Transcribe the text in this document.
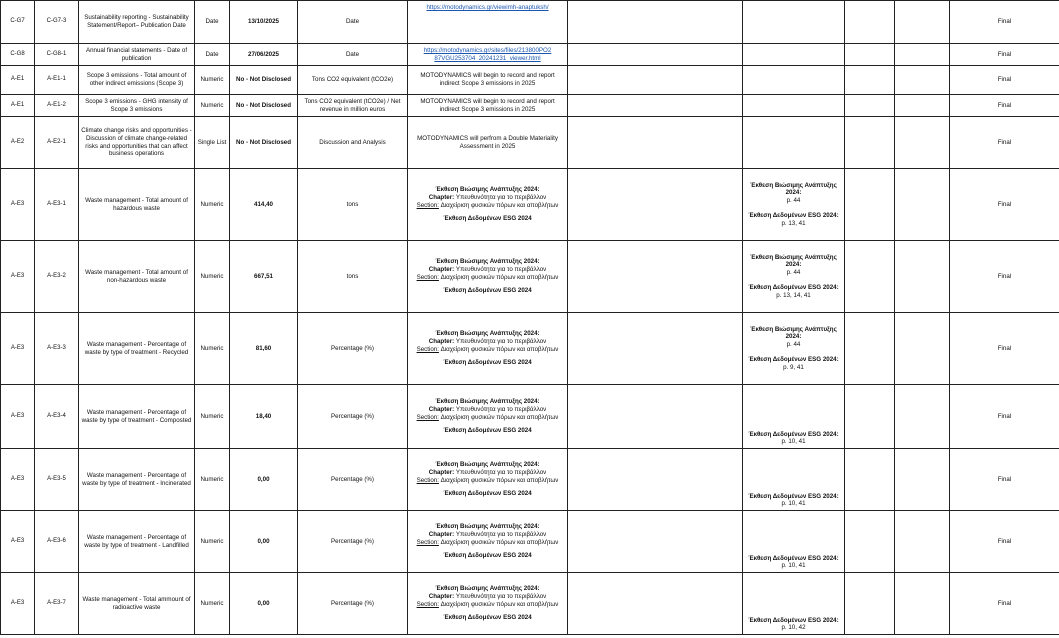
C-G7	C-G7-3	Sustainability reporting - Sustainability Statement/Report– Publication Date	Date	13/10/2025	Date	https://motodynamics.gr/viewimh-anaptuksh/					Final
C-G8	C-G8-1	Annual financial statements - Date of publication	Date	27/06/2025	Date	https://motodynamics.gr/sites/files/213800PO2 87VGU253704_20241231_viewer.html					Final
A-E1	A-E1-1	Scope 3 emissions - Total amount of other indirect emissions (Scope 3)	Numeric	No - Not Disclosed	Tons CO2 equivalent (tCO2e)	MOTODYNAMICS will begin to record and report indirect Scope 3 emissions in 2025					Final
A-E1	A-E1-2	Scope 3 emissions - GHG intensity of Scope 3 emissions	Numeric	No - Not Disclosed	Tons CO2 equivalent (tCO2e) / Net revenue in million euros	MOTODYNAMICS will begin to record and report indirect Scope 3 emissions in 2025					Final
A-E2	A-E2-1	Climate change risks and opportunities - Discussion of climate change-related risks and opportunities that can affect business operations	Single List	No - Not Disclosed	Discussion and Analysis	MOTODYNAMICS will perfrom a Double Materiality Assessment in 2025					Final
A-E3	A-E3-1	Waste management - Total amount of hazardous waste	Numeric	414,40	tons	Έκθεση Βιώσιμης Ανάπτυξης 2024:
Chapter: Υπευθυνότητα για το περιβάλλον
Section: Διαχείριση φυσικών πόρων και αποβλήτων
Έκθεση Δεδομένων ESG 2024		Έκθεση Βιώσιμης Ανάπτυξης
2024:
p. 44
Έκθεση Δεδομένων ESG 2024:
p. 13, 41			Final
A-E3	A-E3-2	Waste management - Total amount of non-hazardous waste	Numeric	667,51	tons	Έκθεση Βιώσιμης Ανάπτυξης 2024:
Chapter: Υπευθυνότητα για το περιβάλλον
Section: Διαχείριση φυσικών πόρων και αποβλήτων
Έκθεση Δεδομένων ESG 2024		Έκθεση Βιώσιμης Ανάπτυξης
2024:
p. 44
Έκθεση Δεδομένων ESG 2024:
p. 13, 14, 41			Final
A-E3	A-E3-3	Waste management - Percentage of waste by type of treatment - Recycled	Numeric	81,60	Percentage (%)	Έκθεση Βιώσιμης Ανάπτυξης 2024:
Chapter: Υπευθυνότητα για το περιβάλλον
Section: Διαχείριση φυσικών πόρων και αποβλήτων
Έκθεση Δεδομένων ESG 2024		Έκθεση Βιώσιμης Ανάπτυξης
2024:
p. 44
Έκθεση Δεδομένων ESG 2024:
p. 9, 41			Final
A-E3	A-E3-4	Waste management - Percentage of waste by type of treatment - Composted	Numeric	18,40	Percentage (%)	Έκθεση Βιώσιμης Ανάπτυξης 2024:
Chapter: Υπευθυνότητα για το περιβάλλον
Section: Διαχείριση φυσικών πόρων και αποβλήτων
Έκθεση Δεδομένων ESG 2024		Έκθεση Δεδομένων ESG 2024:
p. 10, 41			Final
A-E3	A-E3-5	Waste management - Percentage of waste by type of treatment - Incinerated	Numeric	0,00	Percentage (%)	Έκθεση Βιώσιμης Ανάπτυξης 2024:
Chapter: Υπευθυνότητα για το περιβάλλον
Section: Διαχείριση φυσικών πόρων και αποβλήτων
Έκθεση Δεδομένων ESG 2024		Έκθεση Δεδομένων ESG 2024:
p. 10, 41			Final
A-E3	A-E3-6	Waste management - Percentage of waste by type of treatment - Landfilled	Numeric	0,00	Percentage (%)	Έκθεση Βιώσιμης Ανάπτυξης 2024:
Chapter: Υπευθυνότητα για το περιβάλλον
Section: Διαχείριση φυσικών πόρων και αποβλήτων
Έκθεση Δεδομένων ESG 2024		Έκθεση Δεδομένων ESG 2024:
p. 10, 41			Final
A-E3	A-E3-7	Waste management - Total ammount of radioactive waste	Numeric	0,00	Percentage (%)	Έκθεση Βιώσιμης Ανάπτυξης 2024:
Chapter: Υπευθυνότητα για το περιβάλλον
Section: Διαχείριση φυσικών πόρων και αποβλήτων
Έκθεση Δεδομένων ESG 2024		Έκθεση Δεδομένων ESG 2024:
p. 10, 42			Final
